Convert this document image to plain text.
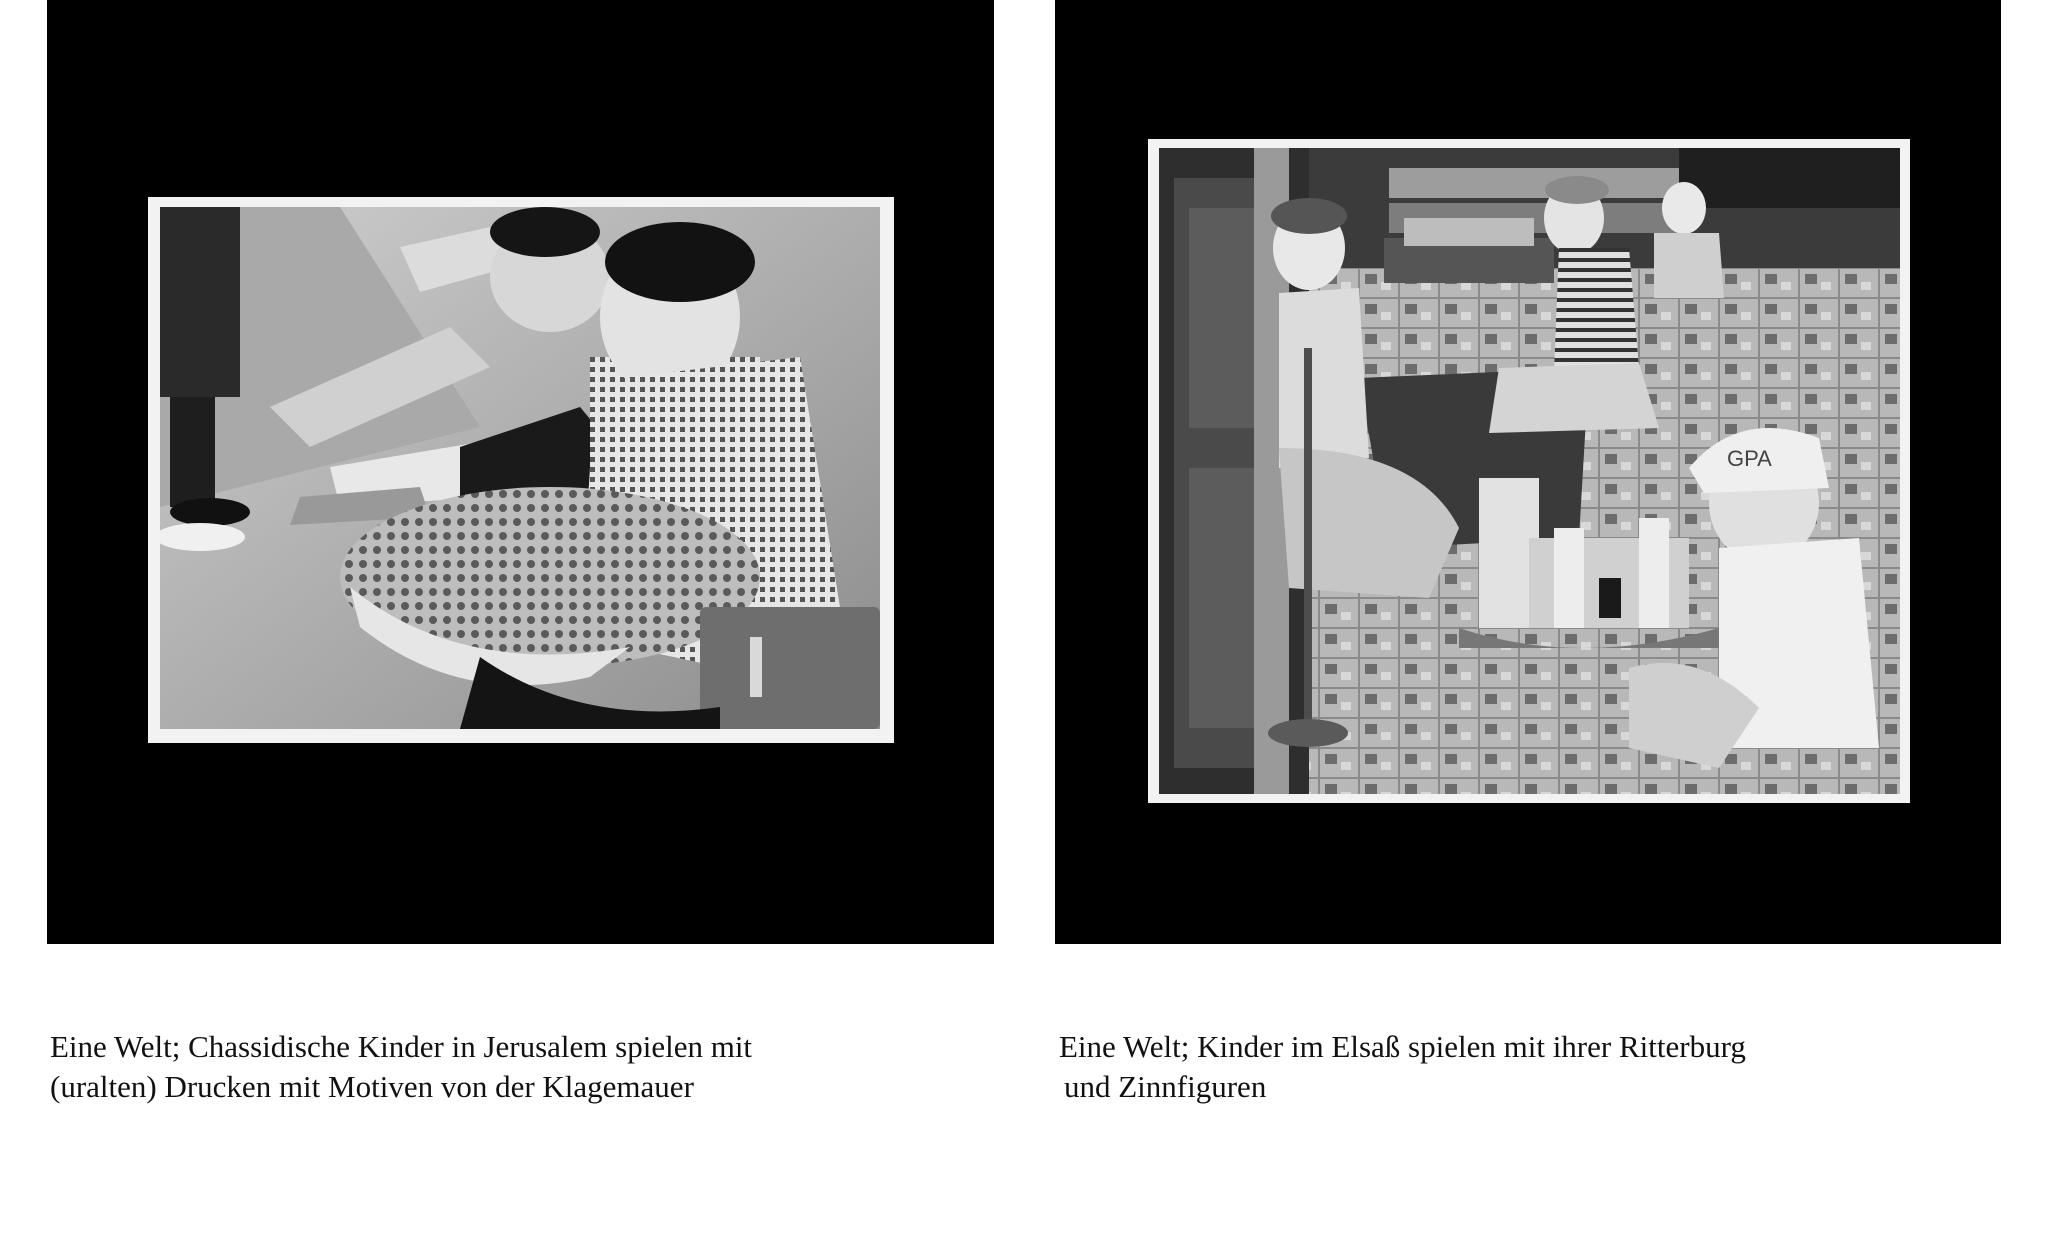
GPA
Eine Welt; Chassidische Kinder in Jerusalem spielen mit
(uralten) Drucken mit Motiven von der Klagemauer
Eine Welt; Kinder im Elsaß spielen mit ihrer Ritterburg
und Zinnfiguren
